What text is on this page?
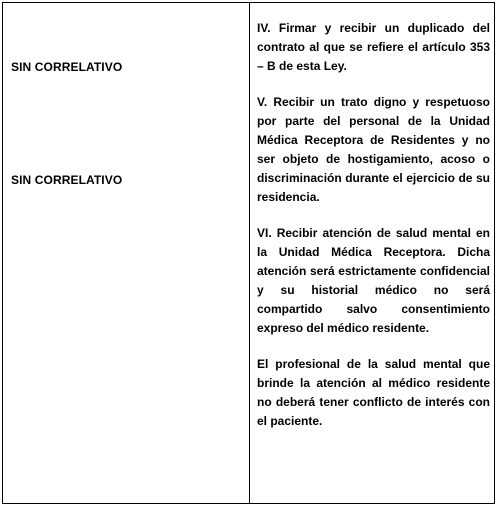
SIN CORRELATIVO
SIN CORRELATIVO

IV. Firmar y recibir un duplicado del contrato al que se refiere el artículo 353 – B de esta Ley.

V. Recibir un trato digno y respetuoso por parte del personal de la Unidad Médica Receptora de Residentes y no ser objeto de hostigamiento, acoso o discriminación durante el ejercicio de su residencia.

VI. Recibir atención de salud mental en la Unidad Médica Receptora. Dicha atención será estrictamente confidencial y su historial médico no será compartido salvo consentimiento expreso del médico residente.

El profesional de la salud mental que brinde la atención al médico residente no deberá tener conflicto de interés con el paciente.
